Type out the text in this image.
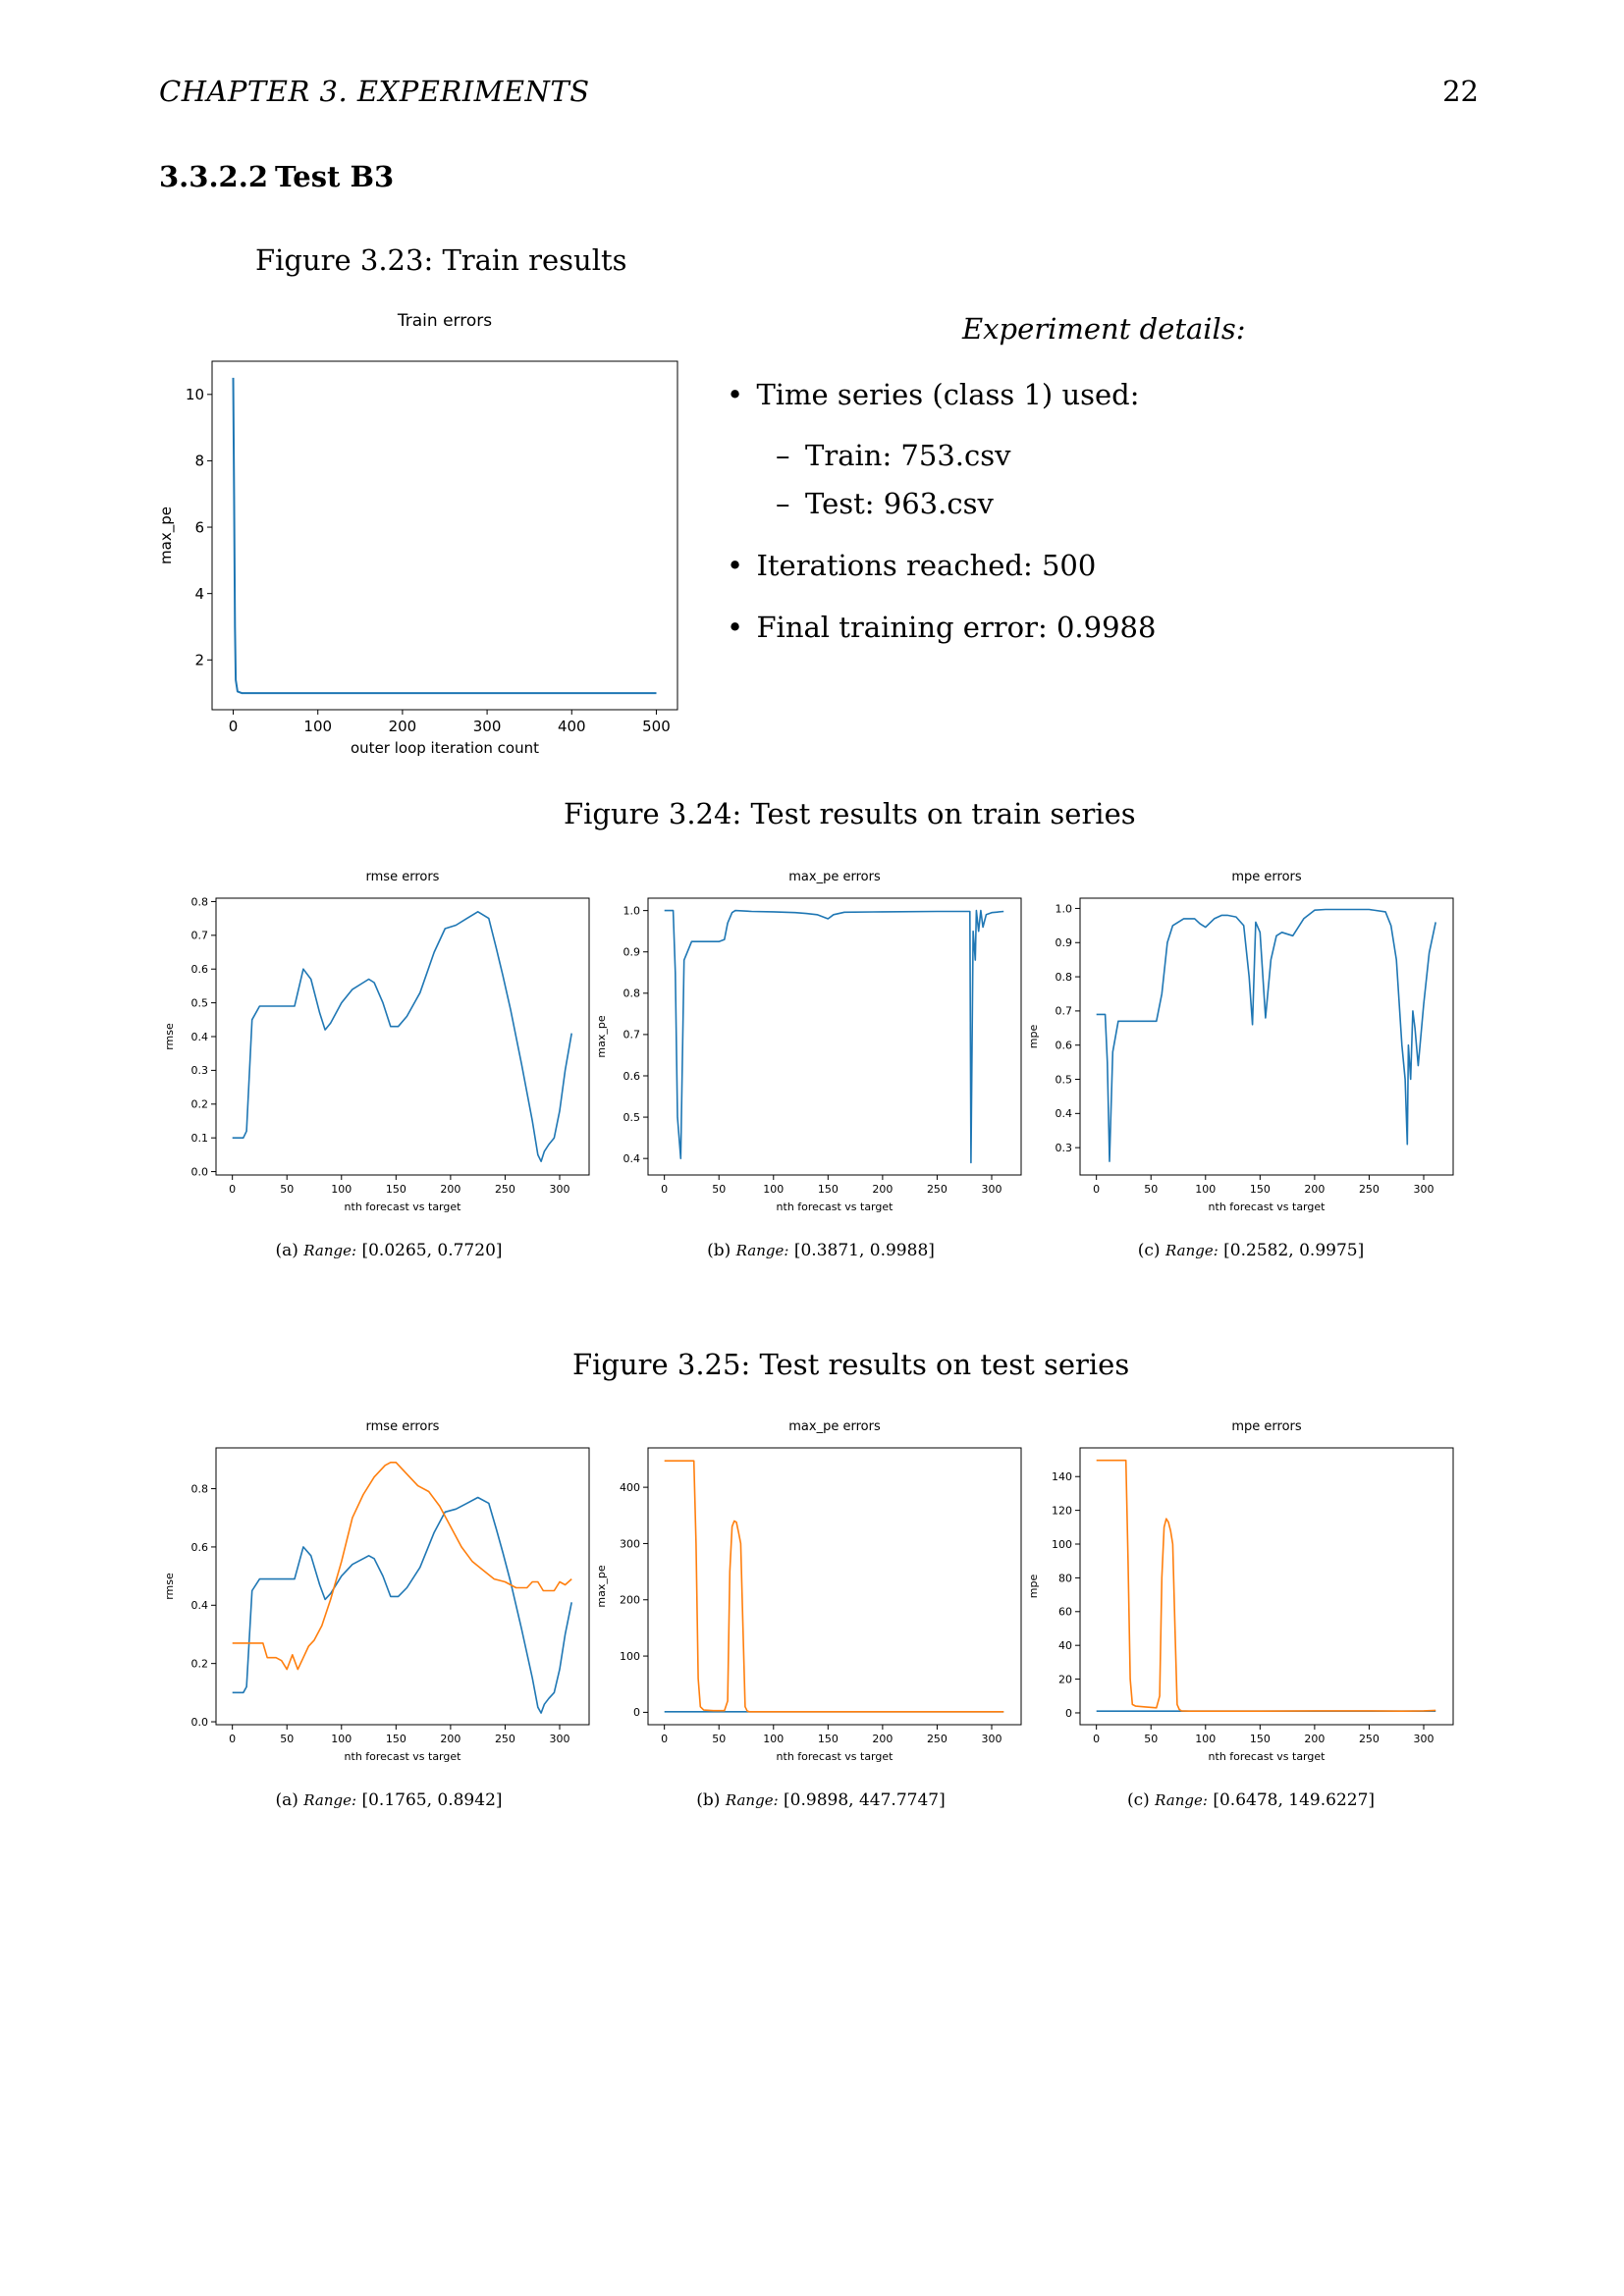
CHAPTER 3. EXPERIMENTS	22
3.3.2.2 Test B3
Figure 3.23: Train results
Train errors
0	100	200	300	400	500
2
4
6
8
10
outer loop iteration count
max_pe
Experiment details:
• Time series (class 1) used:
– Train: 753.csv
– Test: 963.csv
• Iterations reached: 500
• Final training error: 0.9988
Figure 3.24: Test results on train series
rmse errors
0	50	100	150	200	250	300
0.0
0.1
0.2
0.3
0.4
0.5
0.6
0.7
0.8
nth forecast vs target
rmse
max_pe errors
0	50	100	150	200	250	300
0.4
0.5
0.6
0.7
0.8
0.9
1.0
nth forecast vs target
max_pe
mpe errors
0	50	100	150	200	250	300
0.3
0.4
0.5
0.6
0.7
0.8
0.9
1.0
nth forecast vs target
mpe
(a) Range: [0.0265, 0.7720]	(b) Range: [0.3871, 0.9988]	(c) Range: [0.2582, 0.9975]
Figure 3.25: Test results on test series
rmse errors
0	50	100	150	200	250	300
0.0
0.2
0.4
0.6
0.8
nth forecast vs target
rmse
max_pe errors
0	50	100	150	200	250	300
0
100
200
300
400
nth forecast vs target
max_pe
mpe errors
0	50	100	150	200	250	300
0
20
40
60
80
100
120
140
nth forecast vs target
mpe
(a) Range: [0.1765, 0.8942]	(b) Range: [0.9898, 447.7747]	(c) Range: [0.6478, 149.6227]
